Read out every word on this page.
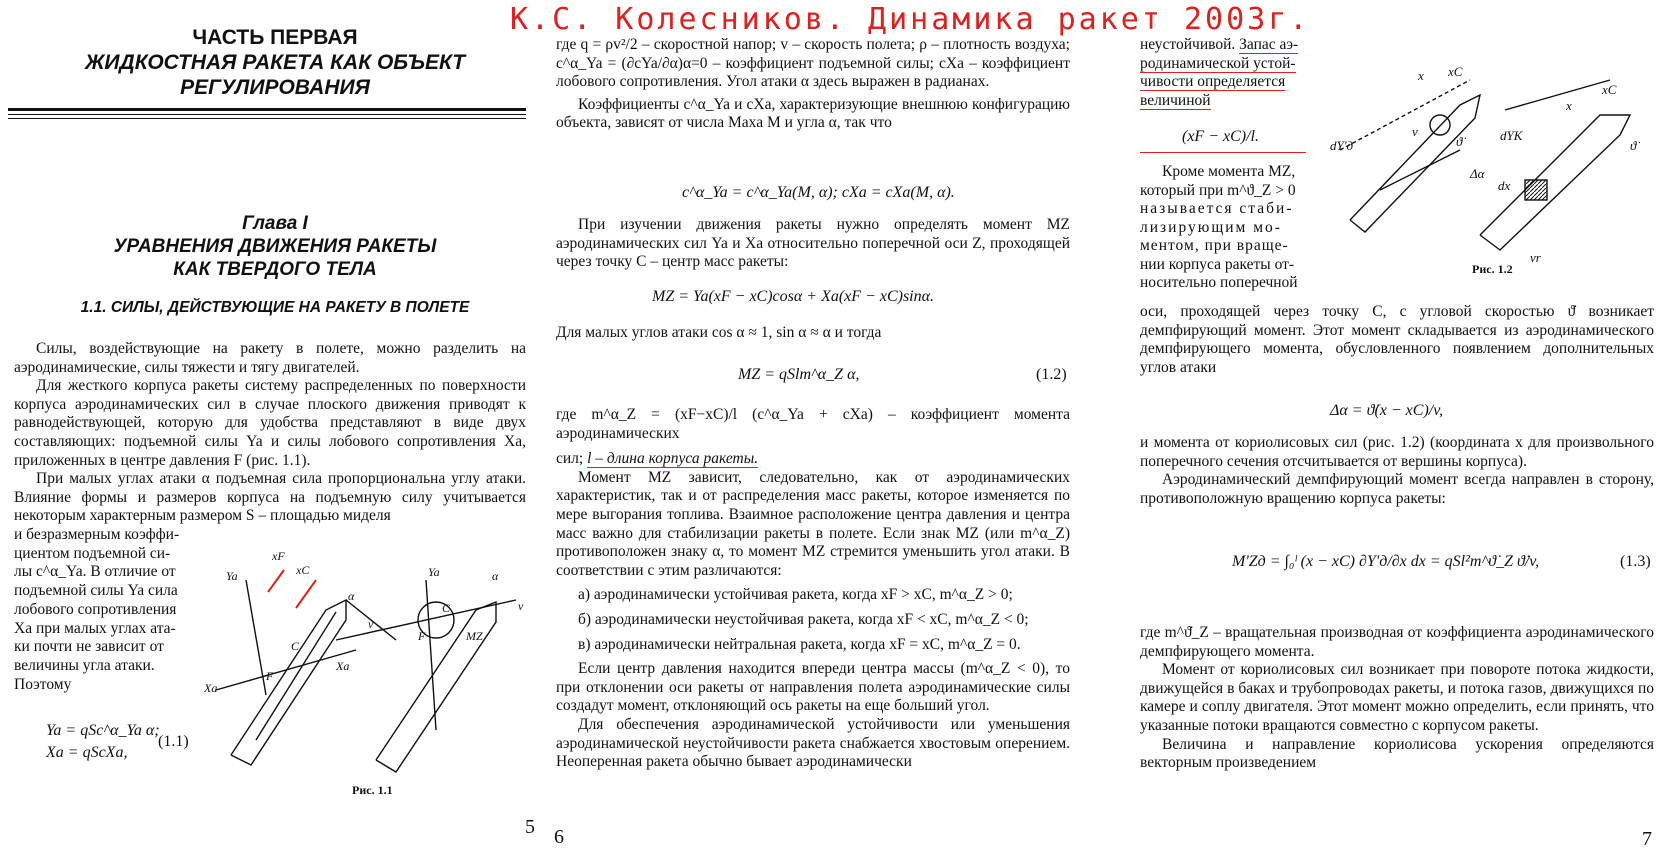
К.С. Колесников. Динамика ракет 2003г.
ЧАСТЬ ПЕРВАЯ
ЖИДКОСТНАЯ РАКЕТА КАК ОБЪЕКТ
РЕГУЛИРОВАНИЯ
Глава I
УРАВНЕНИЯ ДВИЖЕНИЯ РАКЕТЫ
КАК ТВЕРДОГО ТЕЛА
1.1. СИЛЫ, ДЕЙСТВУЮЩИЕ НА РАКЕТУ В ПОЛЕТЕ

Силы, воздействующие на ракету в полете, можно разделить на аэродинамические, силы тяжести и тягу двигателей.

Для жесткого корпуса ракеты систему распределенных по поверхности корпуса аэродинамических сил в случае плоского движения приводят к равнодействующей, которую для удобства представляют в виде двух составляющих: подъемной силы Ya и силы лобового сопротивления Xa, приложенных в центре давления F (рис. 1.1).

При малых углах атаки α подъемная сила пропорциональна углу атаки. Влияние формы и размеров корпуса на подъемную силу учитывается некоторым характерным размером S – площадью миделя

и безразмерным коэффи-
циентом подъемной си-
лы c^α_Ya. В отличие от
подъемной силы Ya сила
лобового сопротивления
Xa при малых углах ата-
ки почти не зависит от
величины угла атаки.
Поэтому
Ya = qSc^α_Ya α;
Xa = qScXa,
(1.1)
Ya
Xa
xF
xC
α
v
C
F
Xa
Ya
C
F	MZ
α
v
Рис. 1.1
5

где q = ρv²/2 – скоростной напор; v – скорость полета; ρ – плотность воздуха; c^α_Ya = (∂cYa/∂α)α=0 – коэффициент подъемной силы; cXa – коэффициент лобового сопротивления. Угол атаки α здесь выражен в радианах.

Коэффициенты c^α_Ya и cXa, характеризующие внешнюю конфигурацию объекта, зависят от числа Маха M и угла α, так что

c^α_Ya = c^α_Ya(M, α); cXa = cXa(M, α).

При изучении движения ракеты нужно определять момент MZ аэродинамических сил Ya и Xa относительно поперечной оси Z, проходящей через точку C – центр масс ракеты:

MZ = Ya(xF − xC)cosα + Xa(xF − xC)sinα.

Для малых углов атаки cos α ≈ 1, sin α ≈ α и тогда

MZ = qSlm^α_Z α,	(1.2)

где m^α_Z = (xF−xC)/l (c^α_Ya + cXa) – коэффициент момента аэродинамических

сил; l – длина корпуса ракеты.

Момент MZ зависит, следовательно, как от аэродинамических характеристик, так и от распределения масс ракеты, которое изменяется по мере выгорания топлива. Взаимное расположение центра давления и центра масс важно для стабилизации ракеты в полете. Если знак MZ (или m^α_Z) противоположен знаку α, то момент MZ стремится уменьшить угол атаки. В соответствии с этим различаются:

а) аэродинамически устойчивая ракета, когда xF > xC, m^α_Z > 0;
б) аэродинамически неустойчивая ракета, когда xF < xC, m^α_Z < 0;
в) аэродинамически нейтральная ракета, когда xF = xC, m^α_Z = 0.

Если центр давления находится впереди центра массы (m^α_Z < 0), то при отклонении оси ракеты от направления полета аэродинамические силы создадут момент, отклоняющий ось ракеты на еще больший угол.

Для обеспечения аэродинамической устойчивости или уменьшения аэродинамической неустойчивости ракета снабжается хвостовым оперением. Неоперенная ракета обычно бывает аэродинамически

6
неустойчивой. Запас аэ-
родинамической устой-
чивости определяется
величиной
(xF − xC)/l.
Кроме момента MZ,
который при m^ϑ_Z > 0
называется стаби-
лизирующим мо-
ментом, при враще-
нии корпуса ракеты от-
носительно поперечной
x xC
dY'д
v
ϑ̇
Δα
x
xC
dYK
dx
ϑ̇
vr
Рис. 1.2

оси, проходящей через точку C, с угловой скоростью ϑ̇ возникает демпфирующий момент. Этот момент складывается из аэродинамического демпфирующего момента, обусловленного появлением дополнительных углов атаки

Δα = ϑ̇(x − xC)/v,

и момента от кориолисовых сил (рис. 1.2) (координата x для произвольного поперечного сечения отсчитывается от вершины корпуса).

Аэродинамический демпфирующий момент всегда направлен в сторону, противоположную вращению корпуса ракеты:

M'Zд = ∫₀ˡ (x − xC) ∂Y'д/∂x dx = qSl²m^ϑ̇_Z ϑ̇/v,	(1.3)

где m^ϑ̇_Z – вращательная производная от коэффициента аэродинамического демпфирующего момента.

Момент от кориолисовых сил возникает при повороте потока жидкости, движущейся в баках и трубопроводах ракеты, и потока газов, движущихся по камере и соплу двигателя. Этот момент можно определить, если принять, что указанные потоки вращаются совместно с корпусом ракеты.

Величина и направление кориолисова ускорения определяются векторным произведением

7
